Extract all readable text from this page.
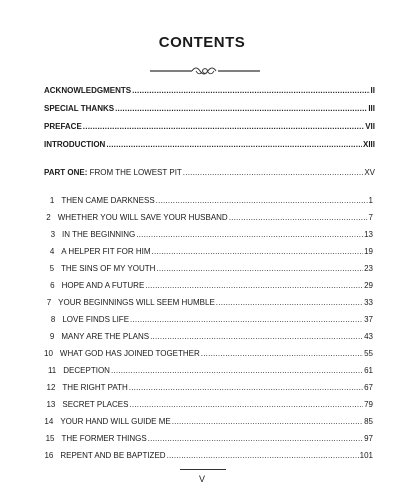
CONTENTS
ACKNOWLEDGMENTS . . .	II
SPECIAL THANKS . . .	III
PREFACE . . .	VII
INTRODUCTION . . .	XIII
PART ONE: FROM THE LOWEST PIT . . .	XV
1 THEN CAME DARKNESS . . .	1
2 WHETHER YOU WILL SAVE YOUR HUSBAND . . .	7
3 IN THE BEGINNING . . .	13
4 A HELPER FIT FOR HIM . . .	19
5 THE SINS OF MY YOUTH . . .	23
6 HOPE AND A FUTURE . . .	29
7 YOUR BEGINNINGS WILL SEEM HUMBLE . . .	33
8 LOVE FINDS LIFE . . .	37
9 MANY ARE THE PLANS . . .	43
10 WHAT GOD HAS JOINED TOGETHER . . .	55
11 DECEPTION . . .	61
12 THE RIGHT PATH . . .	67
13 SECRET PLACES . . .	79
14 YOUR HAND WILL GUIDE ME . . .	85
15 THE FORMER THINGS . . .	97
16 REPENT AND BE BAPTIZED . . .	101
V
